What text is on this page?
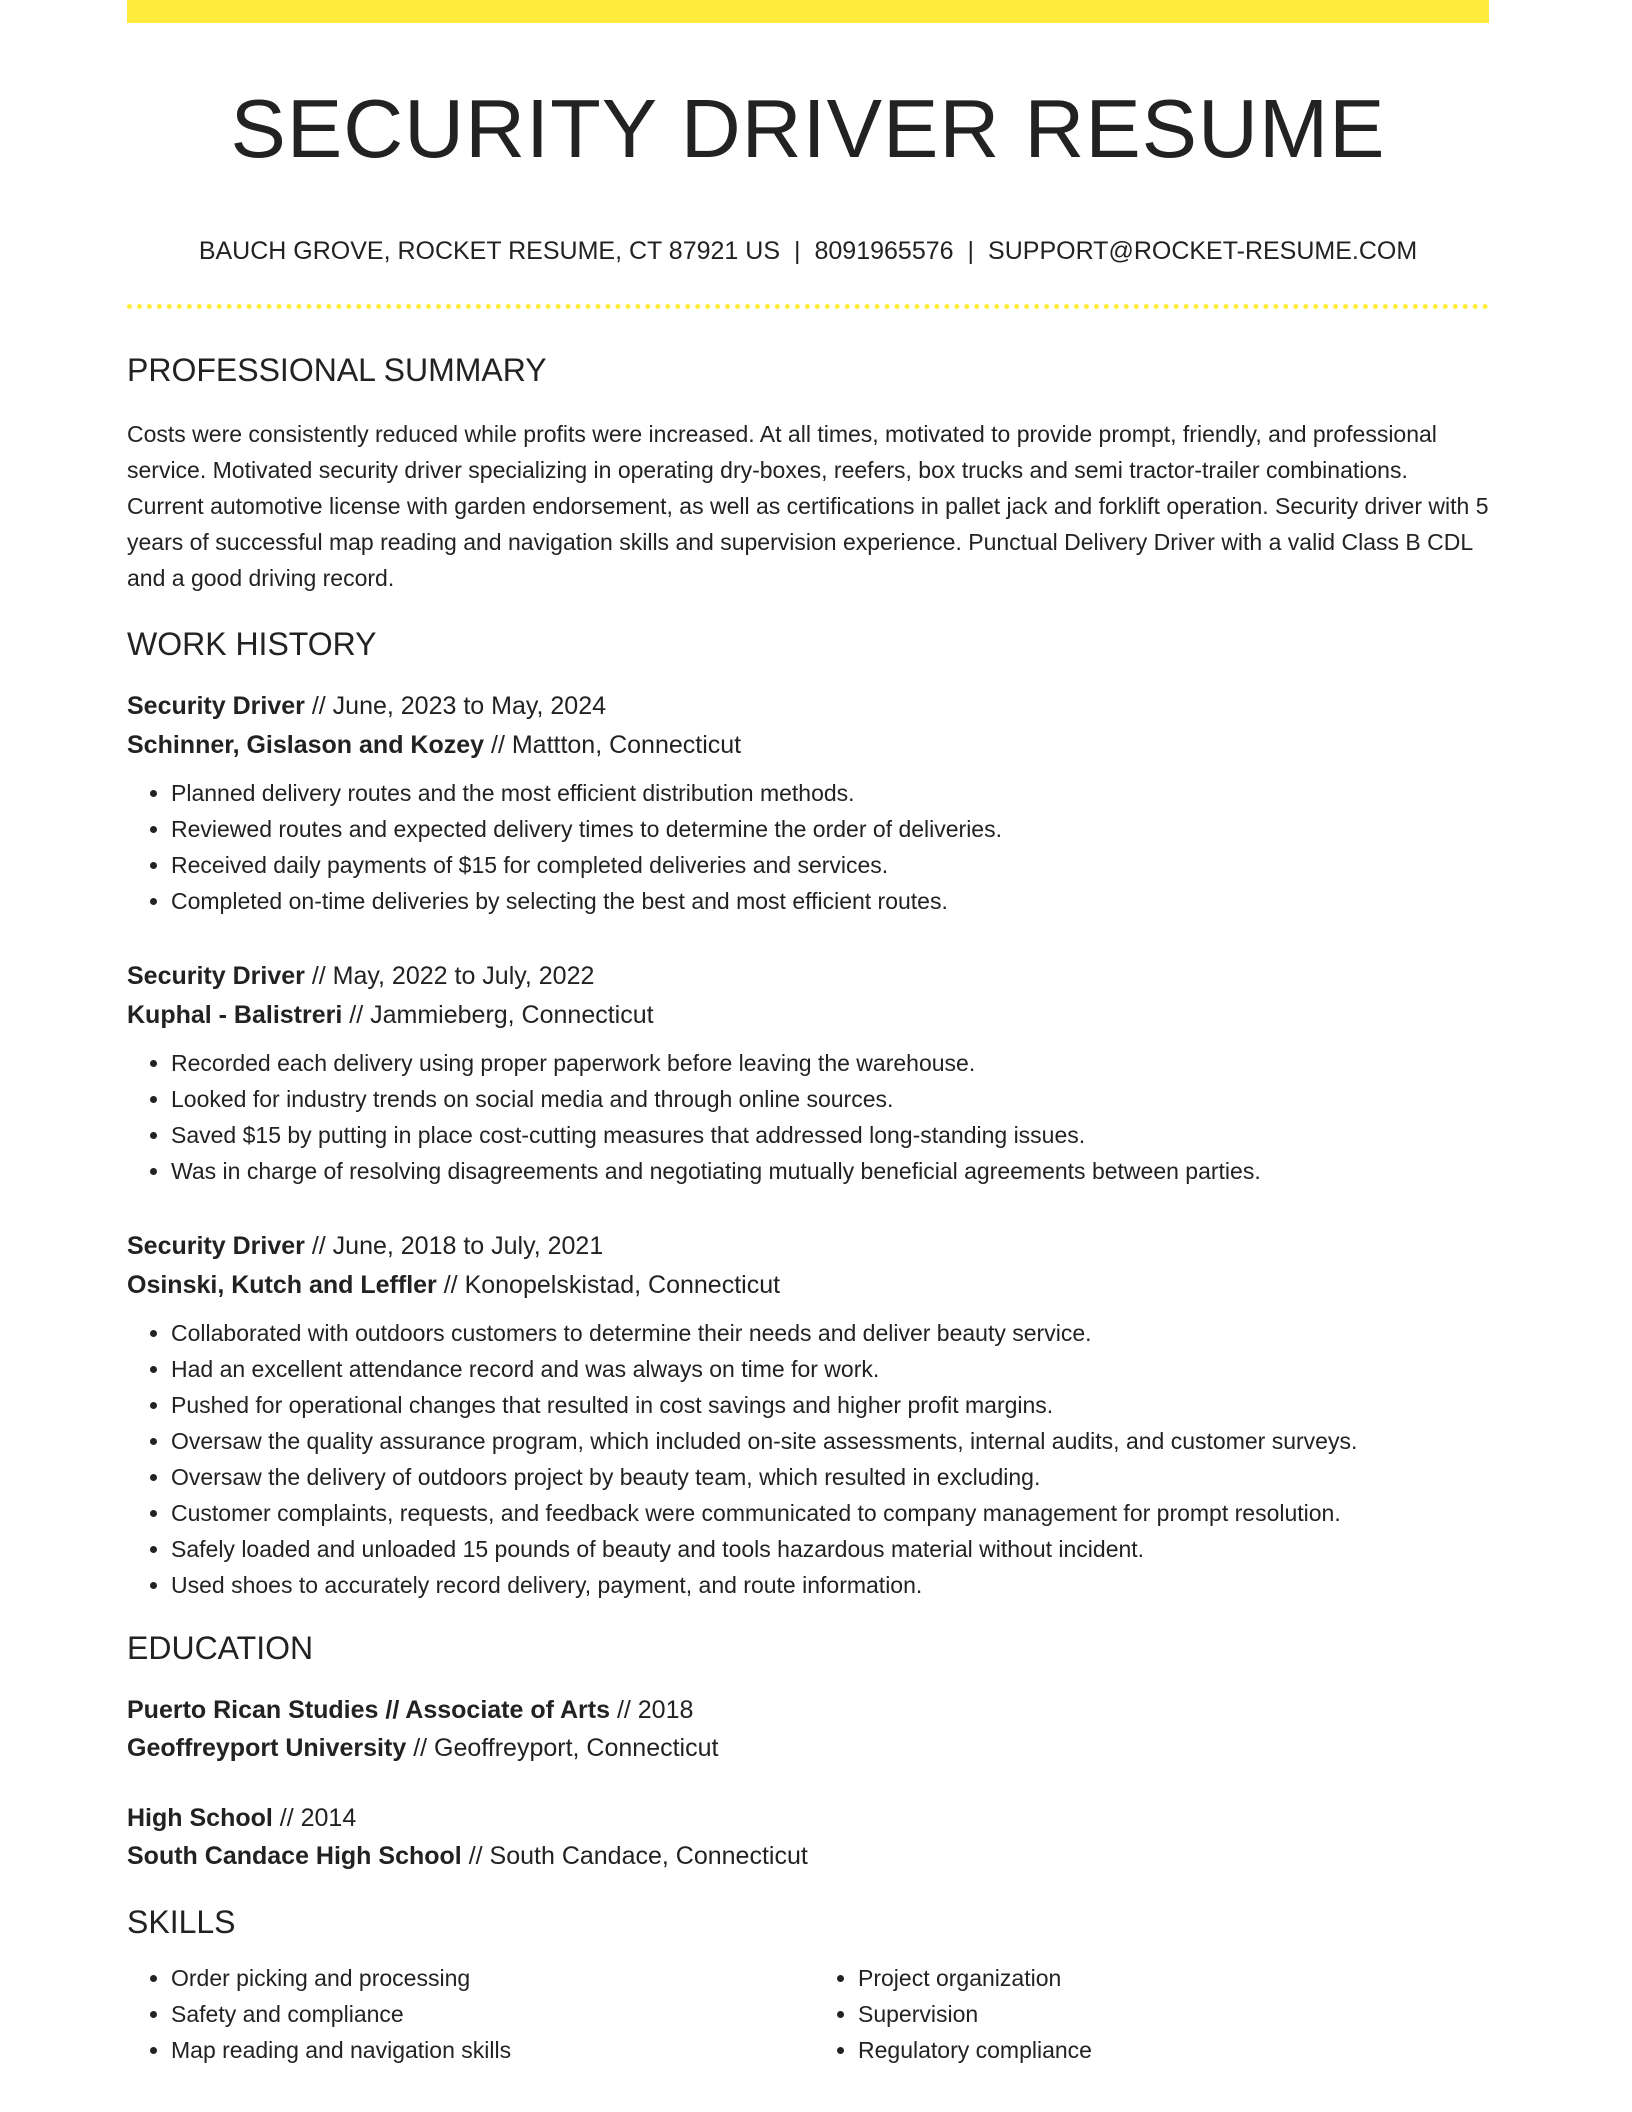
SECURITY DRIVER RESUME
BAUCH GROVE, ROCKET RESUME, CT 87921 US | 8091965576 | SUPPORT@ROCKET-RESUME.COM
PROFESSIONAL SUMMARY

Costs were consistently reduced while profits were increased. At all times, motivated to provide prompt, friendly, and professional service. Motivated security driver specializing in operating dry-boxes, reefers, box trucks and semi tractor-trailer combinations. Current automotive license with garden endorsement, as well as certifications in pallet jack and forklift operation. Security driver with 5 years of successful map reading and navigation skills and supervision experience. Punctual Delivery Driver with a valid Class B CDL and a good driving record.

WORK HISTORY
Security Driver // June, 2023 to May, 2024
Schinner, Gislason and Kozey // Mattton, Connecticut
• Planned delivery routes and the most efficient distribution methods.
• Reviewed routes and expected delivery times to determine the order of deliveries.
• Received daily payments of $15 for completed deliveries and services.
• Completed on-time deliveries by selecting the best and most efficient routes.
Security Driver // May, 2022 to July, 2022
Kuphal - Balistreri // Jammieberg, Connecticut
• Recorded each delivery using proper paperwork before leaving the warehouse.
• Looked for industry trends on social media and through online sources.
• Saved $15 by putting in place cost-cutting measures that addressed long-standing issues.
• Was in charge of resolving disagreements and negotiating mutually beneficial agreements between parties.
Security Driver // June, 2018 to July, 2021
Osinski, Kutch and Leffler // Konopelskistad, Connecticut
• Collaborated with outdoors customers to determine their needs and deliver beauty service.
• Had an excellent attendance record and was always on time for work.
• Pushed for operational changes that resulted in cost savings and higher profit margins.
• Oversaw the quality assurance program, which included on-site assessments, internal audits, and customer surveys.
• Oversaw the delivery of outdoors project by beauty team, which resulted in excluding.
• Customer complaints, requests, and feedback were communicated to company management for prompt resolution.
• Safely loaded and unloaded 15 pounds of beauty and tools hazardous material without incident.
• Used shoes to accurately record delivery, payment, and route information.
EDUCATION
Puerto Rican Studies // Associate of Arts // 2018
Geoffreyport University // Geoffreyport, Connecticut
High School // 2014
South Candace High School // South Candace, Connecticut
SKILLS
• Order picking and processing
• Safety and compliance
• Map reading and navigation skills
• Project organization
• Supervision
• Regulatory compliance
